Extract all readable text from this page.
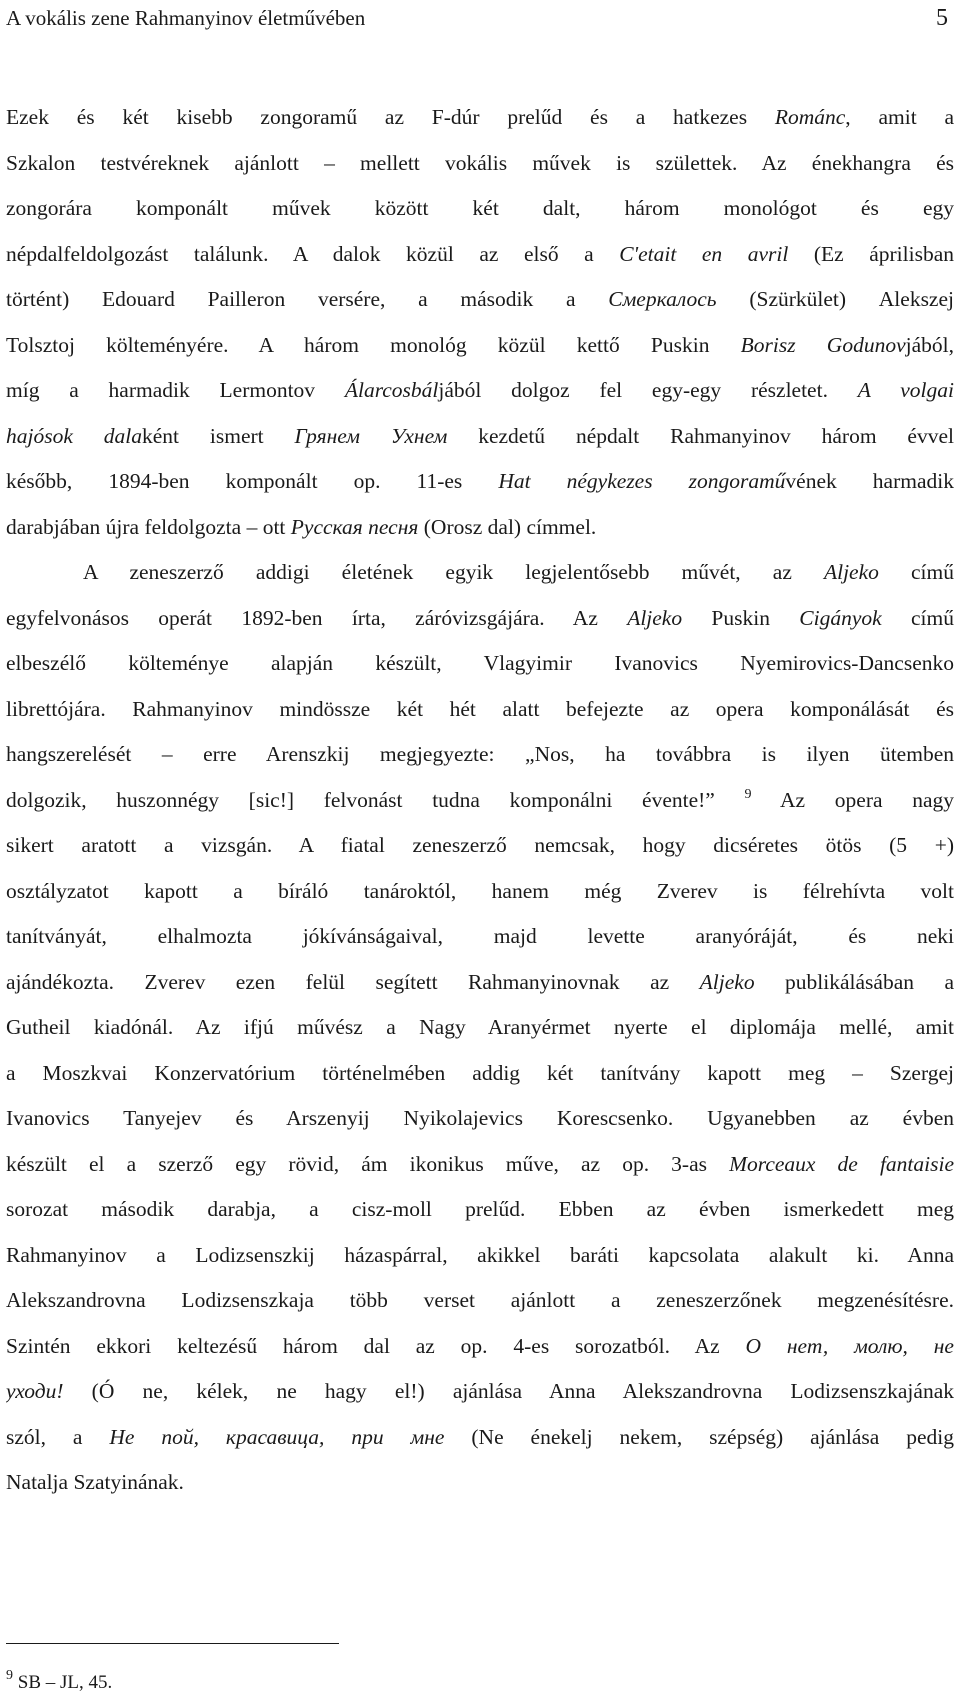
A vokális zene Rahmanyinov életművében	5
Ezek és két kisebb zongoramű az F-dúr prelűd és a hatkezes Románc, amit a
Szkalon testvéreknek ajánlott – mellett vokális művek is születtek. Az énekhangra és
zongorára komponált művek között két dalt, három monológot és egy
népdalfeldolgozást találunk. A dalok közül az első a C'etait en avril (Ez áprilisban
történt) Edouard Pailleron versére, a második a Смеркалось (Szürkület) Alekszej
Tolsztoj költeményére. A három monológ közül kettő Puskin Borisz Godunovjából,
míg a harmadik Lermontov Álarcosbáljából dolgoz fel egy-egy részletet. A volgai
hajósok dalaként ismert Грянем Ухнем kezdetű népdalt Rahmanyinov három évvel
később, 1894-ben komponált op. 11-es Hat négykezes zongoraművének harmadik
darabjában újra feldolgozta – ott Русская песня (Orosz dal) címmel.
A zeneszerző addigi életének egyik legjelentősebb művét, az Aljeko című
egyfelvonásos operát 1892-ben írta, záróvizsgájára. Az Aljeko Puskin Cigányok című
elbeszélő költeménye alapján készült, Vlagyimir Ivanovics Nyemirovics-Dancsenko
librettójára. Rahmanyinov mindössze két hét alatt befejezte az opera komponálását és
hangszerelését – erre Arenszkij megjegyezte: „Nos, ha továbbra is ilyen ütemben
dolgozik, huszonnégy [sic!] felvonást tudna komponálni évente!” $^9$ Az opera nagy
sikert aratott a vizsgán. A fiatal zeneszerző nemcsak, hogy dicséretes ötös (5 +)
osztályzatot kapott a bíráló tanároktól, hanem még Zverev is félrehívta volt
tanítványát, elhalmozta jókívánságaival, majd levette aranyóráját, és neki
ajándékozta. Zverev ezen felül segített Rahmanyinovnak az Aljeko publikálásában a
Gutheil kiadónál. Az ifjú művész a Nagy Aranyérmet nyerte el diplomája mellé, amit
a Moszkvai Konzervatórium történelmében addig két tanítvány kapott meg – Szergej
Ivanovics Tanyejev és Arszenyij Nyikolajevics Korescsenko. Ugyanebben az évben
készült el a szerző egy rövid, ám ikonikus műve, az op. 3-as Morceaux de fantaisie
sorozat második darabja, a cisz-moll prelűd. Ebben az évben ismerkedett meg
Rahmanyinov a Lodizsenszkij házaspárral, akikkel baráti kapcsolata alakult ki. Anna
Alekszandrovna Lodizsenszkaja több verset ajánlott a zeneszerzőnek megzenésítésre.
Szintén ekkori keltezésű három dal az op. 4-es sorozatból. Az О нет, молю, не
уходи! (Ó ne, kélek, ne hagy el!) ajánlása Anna Alekszandrovna Lodizsenszkajának
szól, a Не пой, красавица, при мне (Ne énekelj nekem, szépség) ajánlása pedig
Natalja Szatyinának.
$^9$ SB – JL, 45.
